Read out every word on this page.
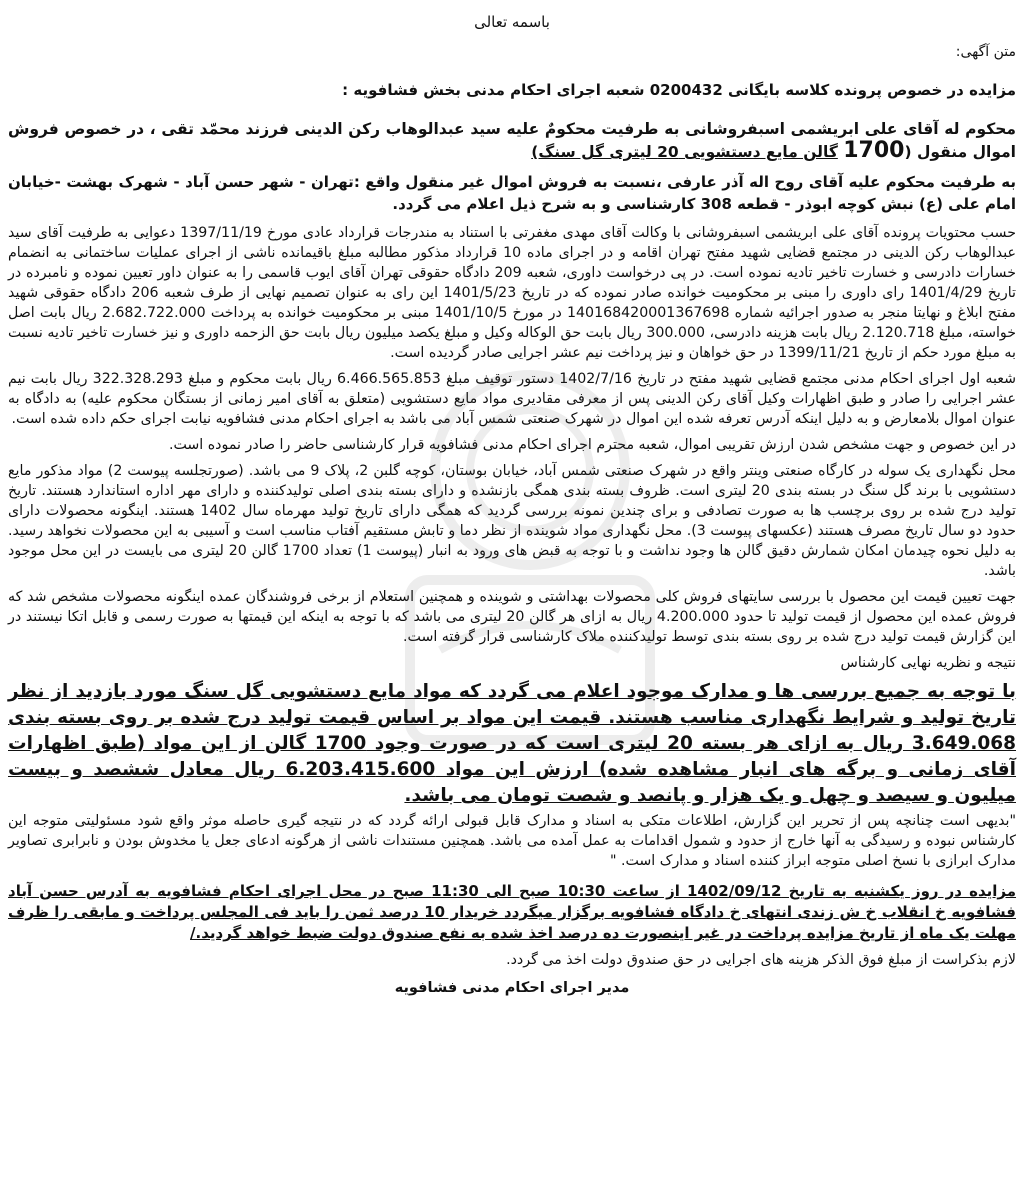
باسمه تعالی
متن آگهی:
مزایده در خصوص پرونده کلاسه بایگانی 0200432 شعبه اجرای احکام مدنی بخش فشافویه :
محکوم له آقای علی ابریشمی اسبفروشانی به طرفیت محکومٌ علیه سید عبدالوهاب رکن الدینی فرزند محمّد تقی ، در خصوص فروش اموال منقول (1700 گالن مایع دستشویی 20 لیتری گل سنگ)
به طرفیت محکوم علیه آقای روح اله آذر عارفی ،نسبت به فروش اموال غیر منقول واقع :تهران - شهر حسن آباد - شهرک بهشت -خیابان امام علی (ع) نبش کوچه ابوذر - قطعه 308 کارشناسی و به شرح ذیل اعلام می گردد.
حسب محتویات پرونده آقای علی ابریشمی اسبفروشانی با وکالت آقای مهدی مغفرتی با استناد به مندرجات قرارداد عادی مورخ 1397/11/19 دعوایی به طرفیت آقای سید عبدالوهاب رکن الدینی در مجتمع قضایی شهید مفتح تهران اقامه و در اجرای ماده 10 قرارداد مذکور مطالبه مبلغ باقیمانده ناشی از اجرای عملیات ساختمانی به انضمام خسارات دادرسی و خسارت تاخیر تادیه نموده است. در پی درخواست داوری، شعبه 209 دادگاه حقوقی تهران آقای ایوب قاسمی را به عنوان داور تعیین نموده و نامبرده در تاریخ 1401/4/29 رای داوری را مبنی بر محکومیت خوانده صادر نموده که در تاریخ 1401/5/23 این رای به عنوان تصمیم نهایی از طرف شعبه 206 دادگاه حقوقی شهید مفتح ابلاغ و نهایتا منجر به صدور اجرائیه شماره 140168420001367698 در مورخ 1401/10/5 مبنی بر محکومیت خوانده به پرداخت 2.682.722.000 ریال بابت اصل خواسته، مبلغ 2.120.718 ریال بابت هزینه دادرسی، 300.000 ریال بابت حق الوکاله وکیل و مبلغ یکصد میلیون ریال بابت حق الزحمه داوری و نیز خسارت تاخیر تادیه نسبت به مبلغ مورد حکم از تاریخ 1399/11/21 در حق خواهان و نیز پرداخت نیم عشر اجرایی صادر گردیده است.
شعبه اول اجرای احکام مدنی مجتمع قضایی شهید مفتح در تاریخ 1402/7/16 دستور توقیف مبلغ 6.466.565.853 ریال بابت محکوم و مبلغ 322.328.293 ریال بابت نیم عشر اجرایی را صادر و طبق اظهارات وکیل آقای رکن الدینی پس از معرفی مقادیری مواد مایع دستشویی (متعلق به آقای امیر زمانی از بستگان محکوم علیه) به دادگاه به عنوان اموال بلامعارض و به دلیل اینکه آدرس تعرفه شده این اموال در شهرک صنعتی شمس آباد می باشد به اجرای احکام مدنی فشافویه نیابت اجرای حکم داده شده است.
در این خصوص و جهت مشخص شدن ارزش تقریبی اموال، شعبه محترم اجرای احکام مدنی فشافویه قرار کارشناسی حاضر را صادر نموده است.
محل نگهداری یک سوله در کارگاه صنعتی وینتر واقع در شهرک صنعتی شمس آباد، خیابان بوستان، کوچه گلبن 2، پلاک 9 می باشد. (صورتجلسه پیوست 2) مواد مذکور مایع دستشویی با برند گل سنگ در بسته بندی 20 لیتری است. ظروف بسته بندی همگی بازنشده و دارای بسته بندی اصلی تولیدکننده و دارای مهر اداره استاندارد هستند. تاریخ تولید درج شده بر روی برچسب ها به صورت تصادفی و برای چندین نمونه بررسی گردید که همگی دارای تاریخ تولید مهرماه سال 1402 هستند. اینگونه محصولات دارای حدود دو سال تاریخ مصرف هستند (عکسهای پیوست 3). محل نگهداری مواد شوینده از نظر دما و تابش مستقیم آفتاب مناسب است و آسیبی به این محصولات نخواهد رسید. به دلیل نحوه چیدمان امکان شمارش دقیق گالن ها وجود نداشت و با توجه به قبض های ورود به انبار (پیوست 1) تعداد 1700 گالن 20 لیتری می بایست در این محل موجود باشد.
جهت تعیین قیمت این محصول با بررسی سایتهای فروش کلی محصولات بهداشتی و شوینده و همچنین استعلام از برخی فروشندگان عمده اینگونه محصولات مشخص شد که فروش عمده این محصول از قیمت تولید تا حدود 4.200.000 ریال به ازای هر گالن 20 لیتری می باشد که با توجه به اینکه این قیمتها به صورت رسمی و قابل اتکا نیستند در این گزارش قیمت تولید درج شده بر روی بسته بندی توسط تولیدکننده ملاک کارشناسی قرار گرفته است.
نتیجه و نظریه نهایی کارشناس
با توجه به جمیع بررسی ها و مدارک موجود اعلام می گردد که مواد مایع دستشویی گل سنگ مورد بازدید از نظر تاریخ تولید و شرایط نگهداری مناسب هستند. قیمت این مواد بر اساس قیمت تولید درج شده بر روی بسته بندی 3.649.068 ریال به ازای هر بسته 20 لیتری است که در صورت وجود 1700 گالن از این مواد (طبق اظهارات آقای زمانی و برگه های انبار مشاهده شده) ارزش این مواد 6.203.415.600 ریال معادل ششصد و بیست میلیون و سیصد و چهل و یک هزار و پانصد و شصت تومان می باشد.
"بدیهی است چنانچه پس از تحریر این گزارش، اطلاعات متکی به اسناد و مدارک قابل قبولی ارائه گردد که در نتیجه گیری حاصله موثر واقع شود مسئولیتی متوجه این کارشناس نبوده و رسیدگی به آنها خارج از حدود و شمول اقدامات به عمل آمده می باشد. همچنین مستندات ناشی از هرگونه ادعای جعل یا مخدوش بودن و نابرابری تصاویر مدارک ابرازی با نسخ اصلی متوجه ابراز کننده اسناد و مدارک است. "
مزایده در روز یکشنبه به تاریخ 1402/09/12 از ساعت 10:30 صبح الی 11:30 صبح در محل اجرای احکام فشافویه به آدرس حسن آباد فشافویه خ انقلاب خ ش زندی انتهای خ دادگاه فشافویه برگزار میگردد خریدار 10 درصد ثمن را باید فی المجلس پرداخت و مابقی را ظرف مهلت یک ماه از تاریخ مزایده پرداخت در غیر اینصورت ده درصد اخذ شده به نفع صندوق دولت ضبط خواهد گردید./
لازم بذکراست از مبلغ فوق الذکر هزینه های اجرایی در حق صندوق دولت اخذ می گردد.
مدیر اجرای احکام مدنی فشافویه
